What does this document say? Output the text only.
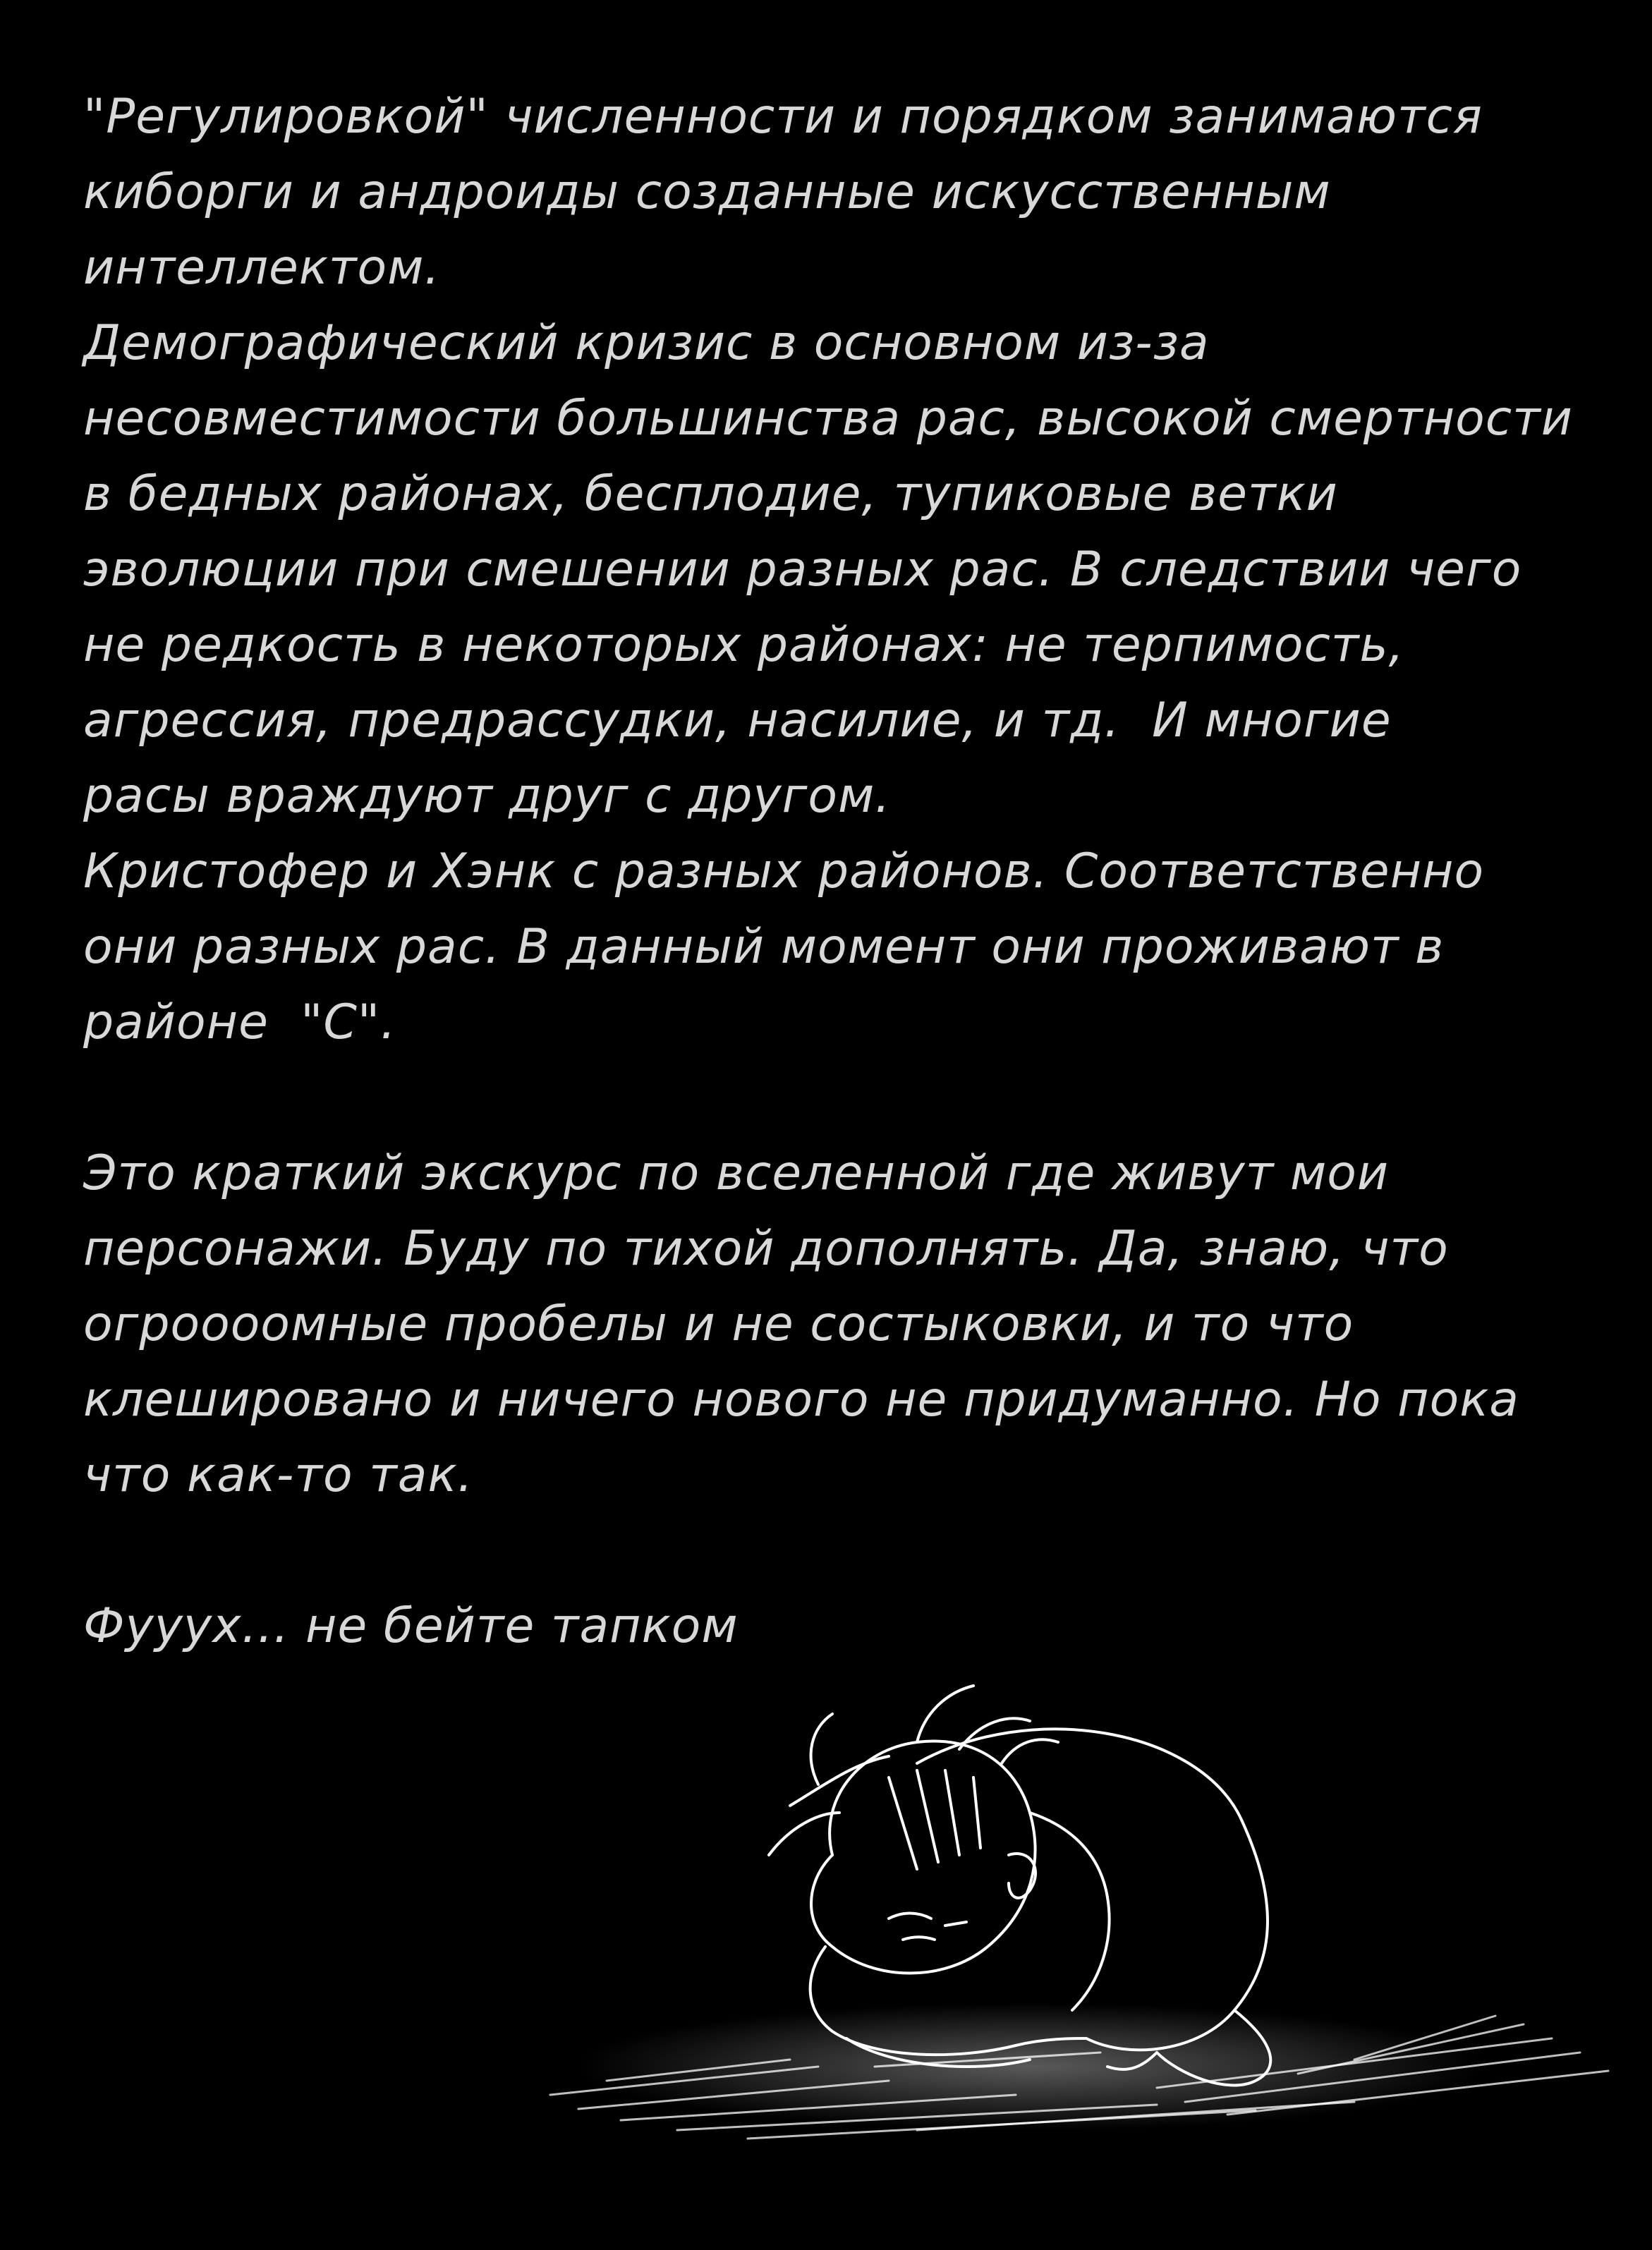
"Регулировкой" численности и порядком занимаются
киборги и андроиды созданные искусственным
интеллектом.
Демографический кризис в основном из-за
несовместимости большинства рас, высокой смертности
в бедных районах, бесплодие, тупиковые ветки
эволюции при смешении разных рас. В следствии чего
не редкость в некоторых районах: не терпимость,
агрессия, предрассудки, насилие, и тд.  И многие
расы враждуют друг с другом.
Кристофер и Хэнк с разных районов. Соответственно
они разных рас. В данный момент они проживают в
районе  "С".
Это краткий экскурс по вселенной где живут мои
персонажи. Буду по тихой дополнять. Да, знаю, что
огроооомные пробелы и не состыковки, и то что
клешировано и ничего нового не придуманно. Но пока
что как-то так.
Фууух... не бейте тапком
